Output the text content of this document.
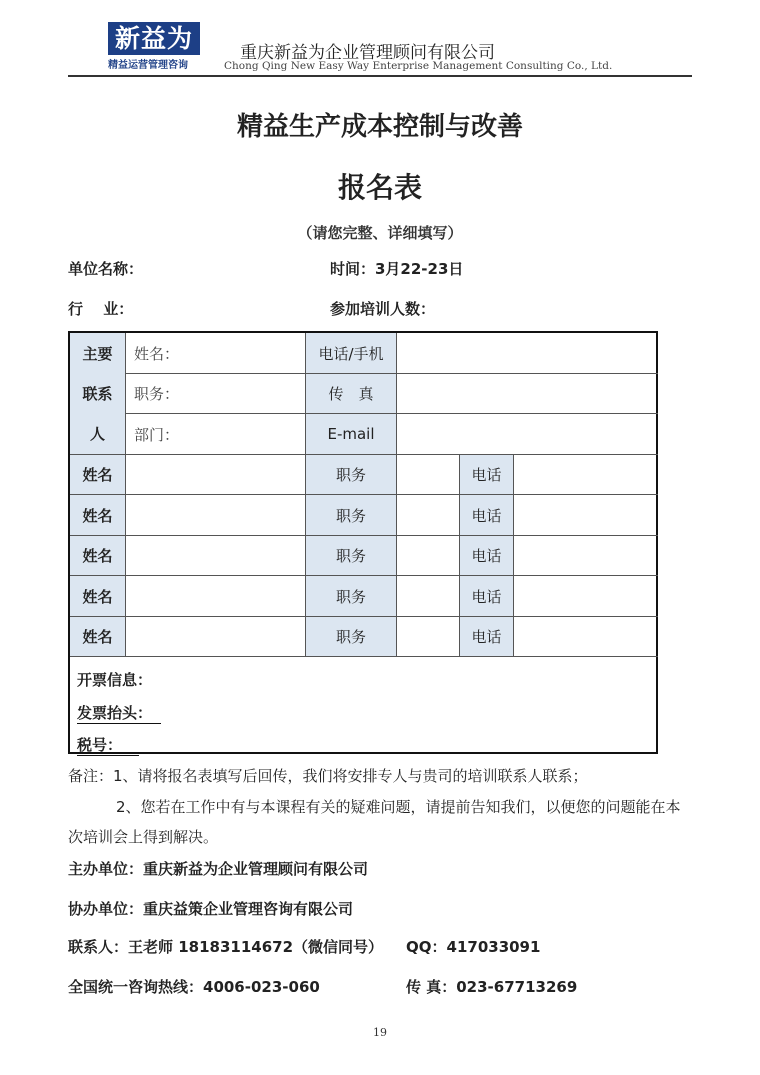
新益为
精益运营管理咨询
重庆新益为企业管理顾问有限公司
Chong Qing New Easy Way Enterprise Management Consulting Co., Ltd.
精益生产成本控制与改善
报名表
（请您完整、详细填写）
单位名称：	时间：3月22-23日
行　 业：	参加培训人数：
主要
联系
人
姓名：	电话/手机
职务：	传　真
部门：	E-mail
姓名	职务	电话
姓名	职务	电话
姓名	职务	电话
姓名	职务	电话
姓名	职务	电话
开票信息：
发票抬头：
税号：
备注：1、请将报名表填写后回传，我们将安排专人与贵司的培训联系人联系；
2、您若在工作中有与本课程有关的疑难问题，请提前告知我们，以便您的问题能在本
次培训会上得到解决。
主办单位：重庆新益为企业管理顾问有限公司
协办单位：重庆益策企业管理咨询有限公司
联系人：王老师 18183114672（微信同号） QQ：417033091
全国统一咨询热线：4006-023-060	传 真：023-67713269
19
